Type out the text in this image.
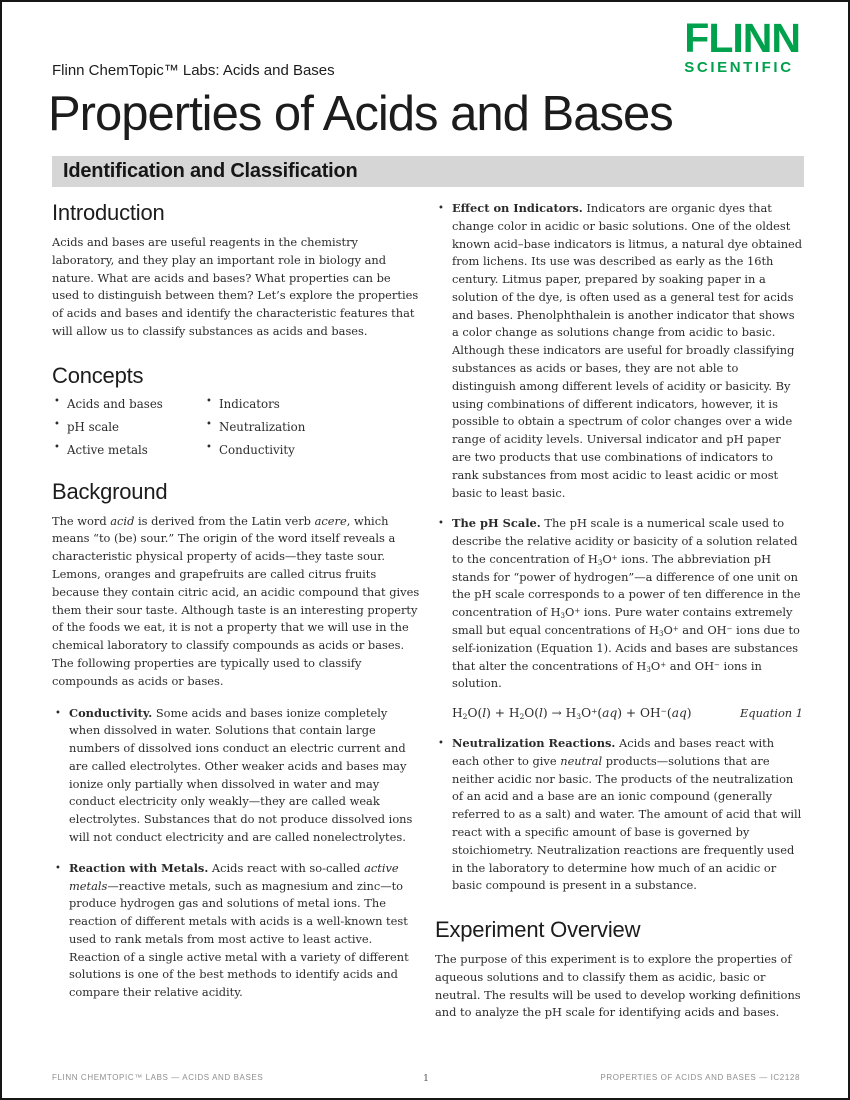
FLINN
SCIENTIFIC
Flinn ChemTopic™ Labs: Acids and Bases
Properties of Acids and Bases
Identification and Classification
Introduction

Acids and bases are useful reagents in the chemistry laboratory, and they play an important role in biology and nature. What are acids and bases? What properties can be used to distinguish between them? Let’s explore the properties of acids and bases and identify the characteristic features that will allow us to classify substances as acids and bases.

Concepts
• Acids and bases	• Indicators
• pH scale	• Neutralization
• Active metals	• Conductivity
Background

The word acid is derived from the Latin verb acere, which means “to (be) sour.” The origin of the word itself reveals a characteristic physical property of acids—they taste sour. Lemons, oranges and grapefruits are called citrus fruits because they contain citric acid, an acidic compound that gives them their sour taste. Although taste is an interesting property of the foods we eat, it is not a property that we will use in the chemical laboratory to classify compounds as acids or bases. The following properties are typically used to classify compounds as acids or bases.

• Conductivity. Some acids and bases ionize completely when dissolved in water. Solutions that contain large numbers of dissolved ions conduct an electric current and are called electrolytes. Other weaker acids and bases may ionize only partially when dissolved in water and may conduct electricity only weakly—they are called weak electrolytes. Substances that do not produce dissolved ions will not conduct electricity and are called nonelectrolytes.
• Reaction with Metals. Acids react with so-called active metals—reactive metals, such as magnesium and zinc—to produce hydrogen gas and solutions of metal ions. The reaction of different metals with acids is a well-known test used to rank metals from most active to least active. Reaction of a single active metal with a variety of different solutions is one of the best methods to identify acids and compare their relative acidity.
• Effect on Indicators. Indicators are organic dyes that change color in acidic or basic solutions. One of the oldest known acid–base indicators is litmus, a natural dye obtained from lichens. Its use was described as early as the 16th century. Litmus paper, prepared by soaking paper in a solution of the dye, is often used as a general test for acids and bases. Phenolphthalein is another indicator that shows a color change as solutions change from acidic to basic. Although these indicators are useful for broadly classifying substances as acids or bases, they are not able to distinguish among different levels of acidity or basicity. By using combinations of different indicators, however, it is possible to obtain a spectrum of color changes over a wide range of acidity levels. Universal indicator and pH paper are two products that use combinations of indicators to rank substances from most acidic to least acidic or most basic to least basic.
• The pH Scale. The pH scale is a numerical scale used to describe the relative acidity or basicity of a solution related to the concentration of $H_3O^+$ ions. The abbreviation pH stands for “power of hydrogen”—a difference of one unit on the pH scale corresponds to a power of ten difference in the concentration of $H_3O^+$ ions. Pure water contains extremely small but equal concentrations of $H_3O^+$ and OH− ions due to self-ionization (Equation 1). Acids and bases are substances that alter the concentrations of $H_3O^+$ and OH− ions in solution.
$H_2O(l) + H_2O(l) \to H_3O^+(aq) + OH^-(aq)$	Equation 1
• Neutralization Reactions. Acids and bases react with each other to give neutral products—solutions that are neither acidic nor basic. The products of the neutralization of an acid and a base are an ionic compound (generally referred to as a salt) and water. The amount of acid that will react with a specific amount of base is governed by stoichiometry. Neutralization reactions are frequently used in the laboratory to determine how much of an acidic or basic compound is present in a substance.
Experiment Overview

The purpose of this experiment is to explore the properties of aqueous solutions and to classify them as acidic, basic or neutral. The results will be used to develop working definitions and to analyze the pH scale for identifying acids and bases.

FLINN CHEMTOPIC™ LABS — ACIDS AND BASES	1	PROPERTIES OF ACIDS AND BASES — IC2128
